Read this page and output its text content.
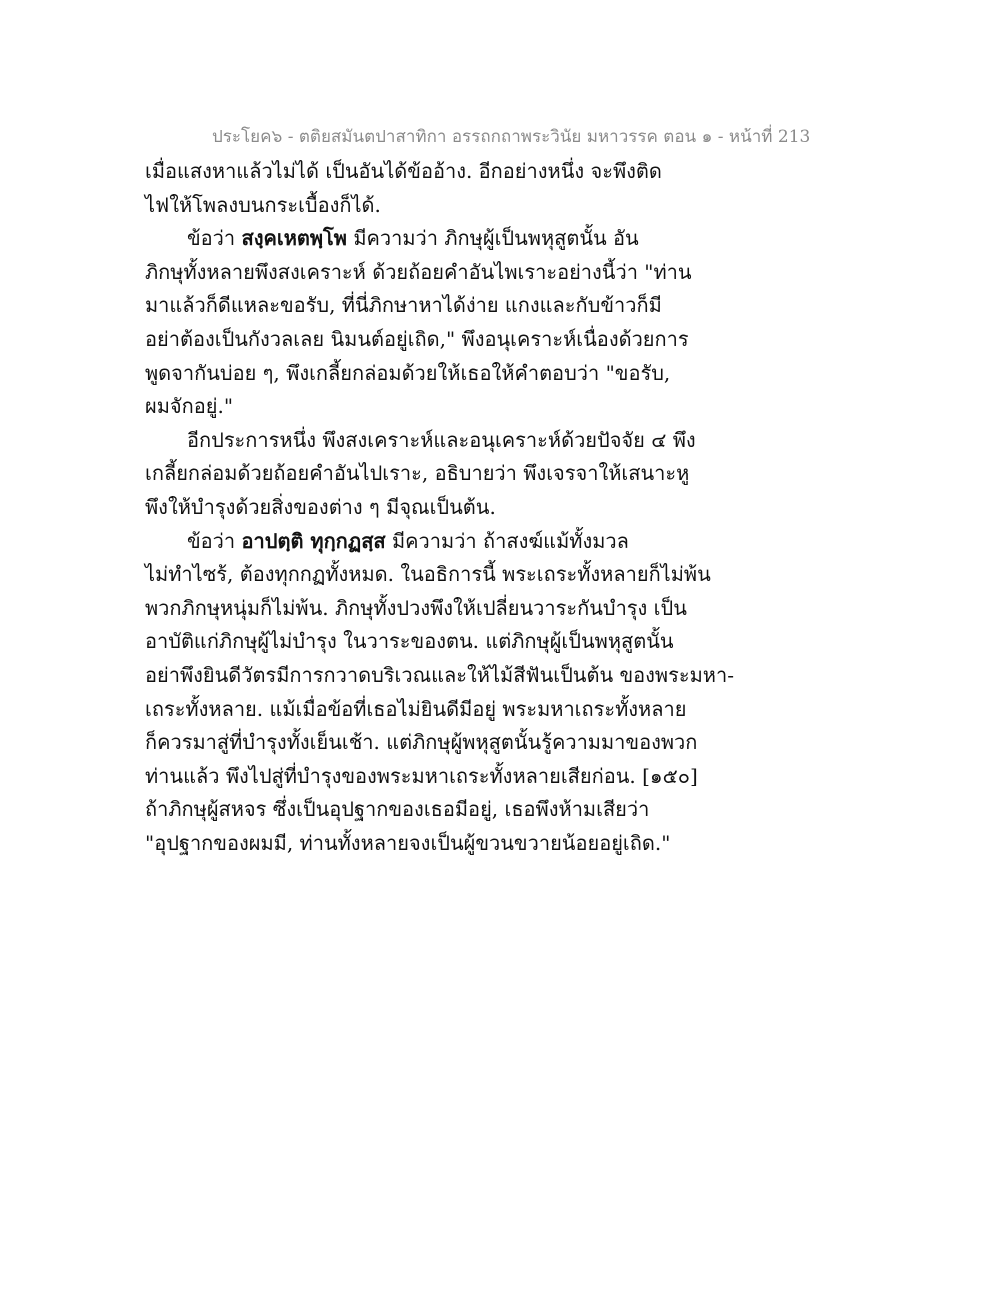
ประโยค๖ - ตติยสมันตปาสาทิกา อรรถกถาพระวินัย มหาวรรค ตอน ๑ - หน้าที่ 213
เมื่อแสงหาแล้วไม่ได้ เป็นอันได้ข้ออ้าง. อีกอย่างหนึ่ง จะพึงติด
ไฟให้โพลงบนกระเบื้องก็ได้.
ข้อว่า สงฺคเหตพฺโพ มีความว่า ภิกษุผู้เป็นพหุสูตนั้น อัน
ภิกษุทั้งหลายพึงสงเคราะห์ ด้วยถ้อยคำอันไพเราะอย่างนี้ว่า "ท่าน
มาแล้วก็ดีแหละขอรับ, ที่นี่ภิกษาหาได้ง่าย แกงและกับข้าวก็มี
อย่าต้องเป็นกังวลเลย นิมนต์อยู่เถิด," พึงอนุเคราะห์เนื่องด้วยการ
พูดจากันบ่อย ๆ, พึงเกลี้ยกล่อมด้วยให้เธอให้คำตอบว่า "ขอรับ,
ผมจักอยู่."
อีกประการหนึ่ง พึงสงเคราะห์และอนุเคราะห์ด้วยปัจจัย ๔ พึง
เกลี้ยกล่อมด้วยถ้อยคำอันไปเราะ, อธิบายว่า พึงเจรจาให้เสนาะหู
พึงให้บำรุงด้วยสิ่งของต่าง ๆ มีจุณเป็นต้น.
ข้อว่า อาปตฺติ ทุกฺกฏสฺส มีความว่า ถ้าสงฆ์แม้ทั้งมวล
ไม่ทำไซร้, ต้องทุกกฏทั้งหมด. ในอธิการนี้ พระเถระทั้งหลายก็ไม่พ้น
พวกภิกษุหนุ่มก็ไม่พ้น. ภิกษุทั้งปวงพึงให้เปลี่ยนวาระกันบำรุง เป็น
อาบัติแก่ภิกษุผู้ไม่บำรุง ในวาระของตน. แต่ภิกษุผู้เป็นพหุสูตนั้น
อย่าพึงยินดีวัตรมีการกวาดบริเวณและให้ไม้สีฟันเป็นต้น ของพระมหา-
เถระทั้งหลาย. แม้เมื่อข้อที่เธอไม่ยินดีมีอยู่ พระมหาเถระทั้งหลาย
ก็ควรมาสู่ที่บำรุงทั้งเย็นเช้า. แต่ภิกษุผู้พหุสูตนั้นรู้ความมาของพวก
ท่านแล้ว พึงไปสู่ที่บำรุงของพระมหาเถระทั้งหลายเสียก่อน. [๑๕๐]
ถ้าภิกษุผู้สหจร ซึ่งเป็นอุปฐากของเธอมีอยู่, เธอพึงห้ามเสียว่า
"อุปฐากของผมมี, ท่านทั้งหลายจงเป็นผู้ขวนขวายน้อยอยู่เถิด."
